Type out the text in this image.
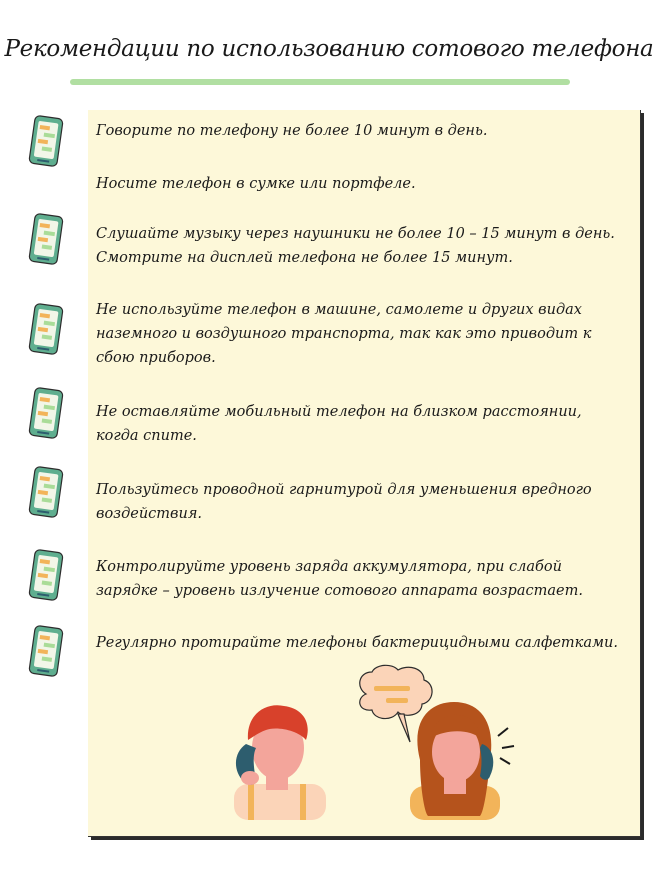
Рекомендации по использованию сотового телефона
Говорите по телефону не более 10 минут в день.
Носите телефон в сумке или портфеле.
Слушайте музыку через наушники не более 10 – 15 минут в день. Смотрите на дисплей телефона не более 15 минут.
Не используйте телефон в машине, самолете и других видах наземного и воздушного транспорта, так как это приводит к сбою приборов.
Не оставляйте мобильный телефон на близком расстоянии, когда спите.
Пользуйтесь проводной гарнитурой для уменьшения вредного воздействия.
Контролируйте уровень заряда аккумулятора, при слабой зарядке – уровень излучение сотового аппарата возрастает.
Регулярно протирайте телефоны бактерицидными салфетками.
